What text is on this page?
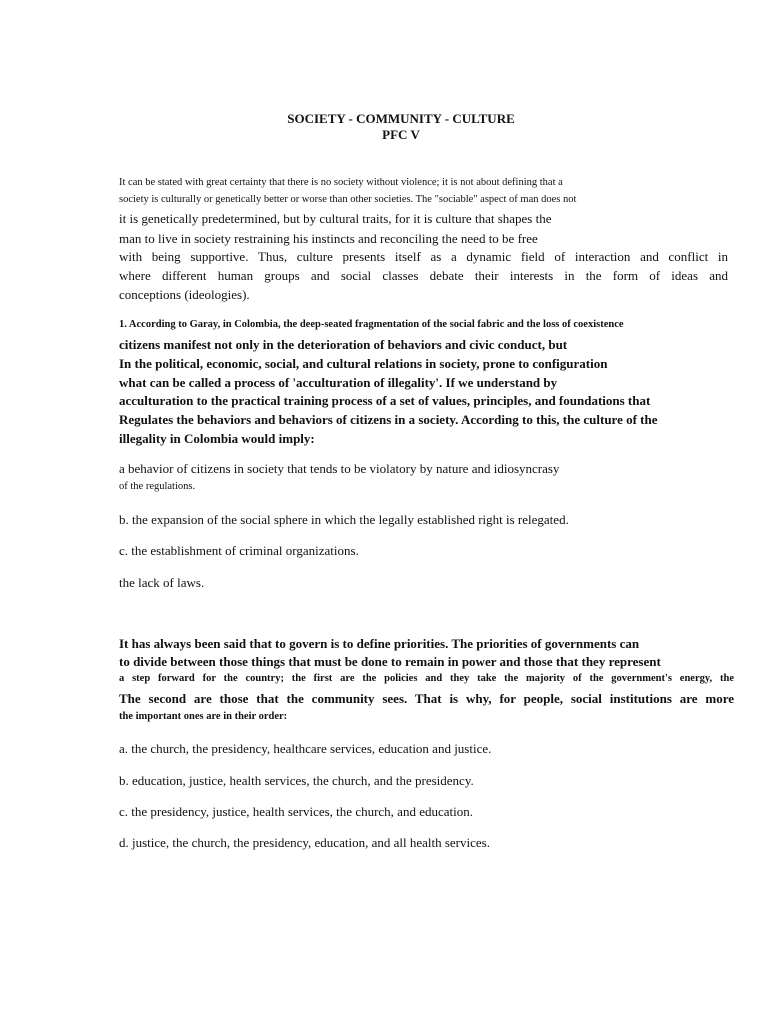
SOCIETY - COMMUNITY - CULTURE
PFC V
It can be stated with great certainty that there is no society without violence; it is not about defining that a
society is culturally or genetically better or worse than other societies. The "sociable" aspect of man does not
it is genetically predetermined, but by cultural traits, for it is culture that shapes the
man to live in society restraining his instincts and reconciling the need to be free
with being supportive. Thus, culture presents itself as a dynamic field of interaction and conflict in
where different human groups and social classes debate their interests in the form of ideas and
conceptions (ideologies).
1. According to Garay, in Colombia, the deep-seated fragmentation of the social fabric and the loss of coexistence
citizens manifest not only in the deterioration of behaviors and civic conduct, but
In the political, economic, social, and cultural relations in society, prone to configuration
what can be called a process of 'acculturation of illegality'. If we understand by
acculturation to the practical training process of a set of values, principles, and foundations that
Regulates the behaviors and behaviors of citizens in a society. According to this, the culture of the
illegality in Colombia would imply:
a behavior of citizens in society that tends to be violatory by nature and idiosyncrasy
of the regulations.
b. the expansion of the social sphere in which the legally established right is relegated.
c. the establishment of criminal organizations.
the lack of laws.
It has always been said that to govern is to define priorities. The priorities of governments can
to divide between those things that must be done to remain in power and those that they represent
a step forward for the country; the first are the policies and they take the majority of the government's energy, the
The second are those that the community sees. That is why, for people, social institutions are more
the important ones are in their order:
a. the church, the presidency, healthcare services, education and justice.
b. education, justice, health services, the church, and the presidency.
c. the presidency, justice, health services, the church, and education.
d. justice, the church, the presidency, education, and all health services.
